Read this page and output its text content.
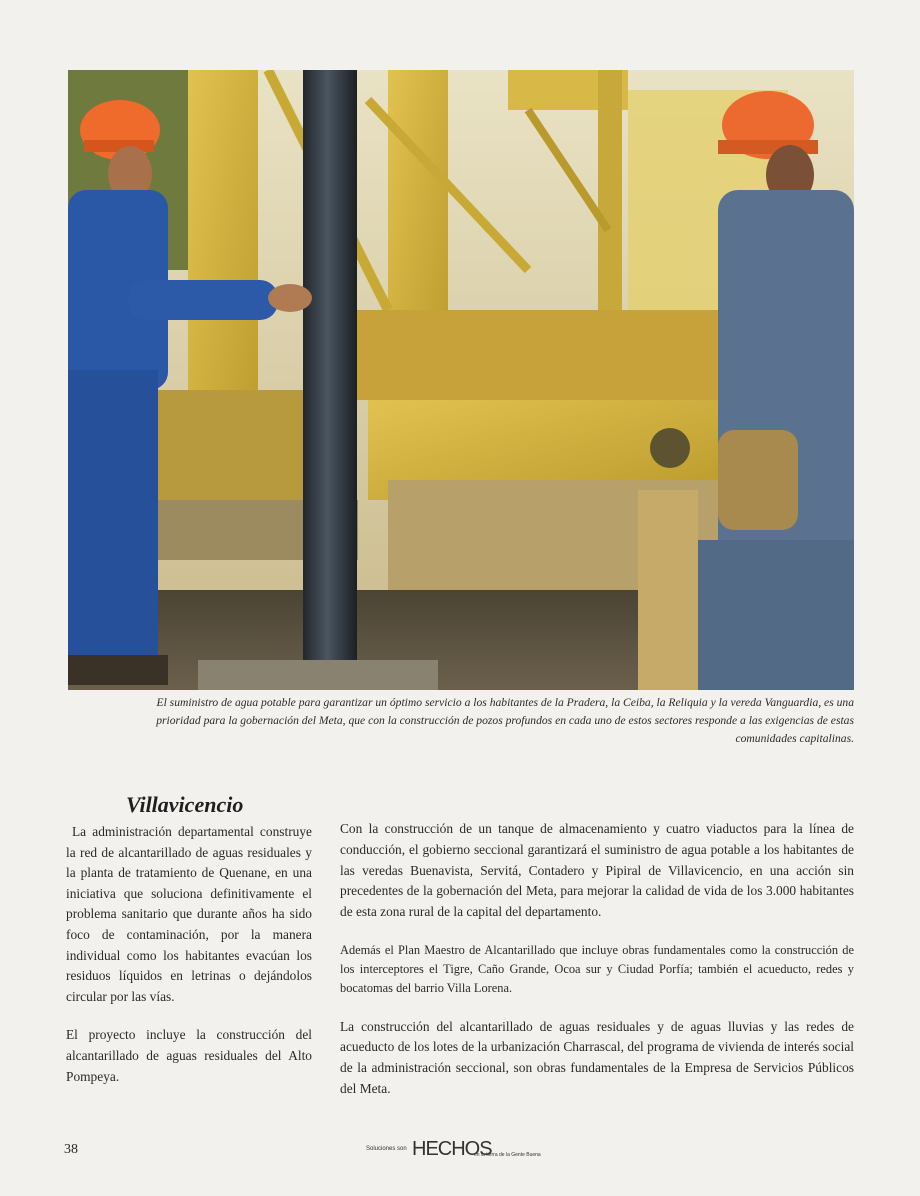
El suministro de agua potable para garantizar un óptimo servicio a los habitantes de la Pradera, la Ceiba, la Reliquia y la vereda Vanguardia, es una prioridad para la gobernación del Meta, que con la construcción de pozos profundos en cada uno de estos sectores responde a las exigencias de estas comunidades capitalinas.
Villavicencio

La administración departamental construye la red de alcantarillado de aguas residuales y la planta de tratamiento de Quenane, en una iniciativa que soluciona definitivamente el problema sanitario que durante años ha sido foco de contaminación, por la manera individual como los habitantes evacúan los residuos líquidos en letrinas o dejándolos circular por las vías.

El proyecto incluye la construcción del alcantarillado de aguas residuales del Alto Pompeya.

Con la construcción de un tanque de almacenamiento y cuatro viaductos para la línea de conducción, el gobierno seccional garantizará el suministro de agua potable a los habitantes de las veredas Buenavista, Servitá, Contadero y Pipiral de Villavicencio, en una acción sin precedentes de la gobernación del Meta, para mejorar la calidad de vida de los 3.000 habitantes de esta zona rural de la capital del departamento.

Además el Plan Maestro de Alcantarillado que incluye obras fundamentales como la construcción de los interceptores el Tigre, Caño Grande, Ocoa sur y Ciudad Porfía; también el acueducto, redes y bocatomas del barrio Villa Lorena.

La construcción del alcantarillado de aguas residuales y de aguas lluvias y las redes de acueducto de los lotes de la urbanización Charrascal, del programa de vivienda de interés social de la administración seccional, son obras fundamentales de la Empresa de Servicios Públicos del Meta.

38	Soluciones son HECHOS
en la tierra de la Gente Buena
